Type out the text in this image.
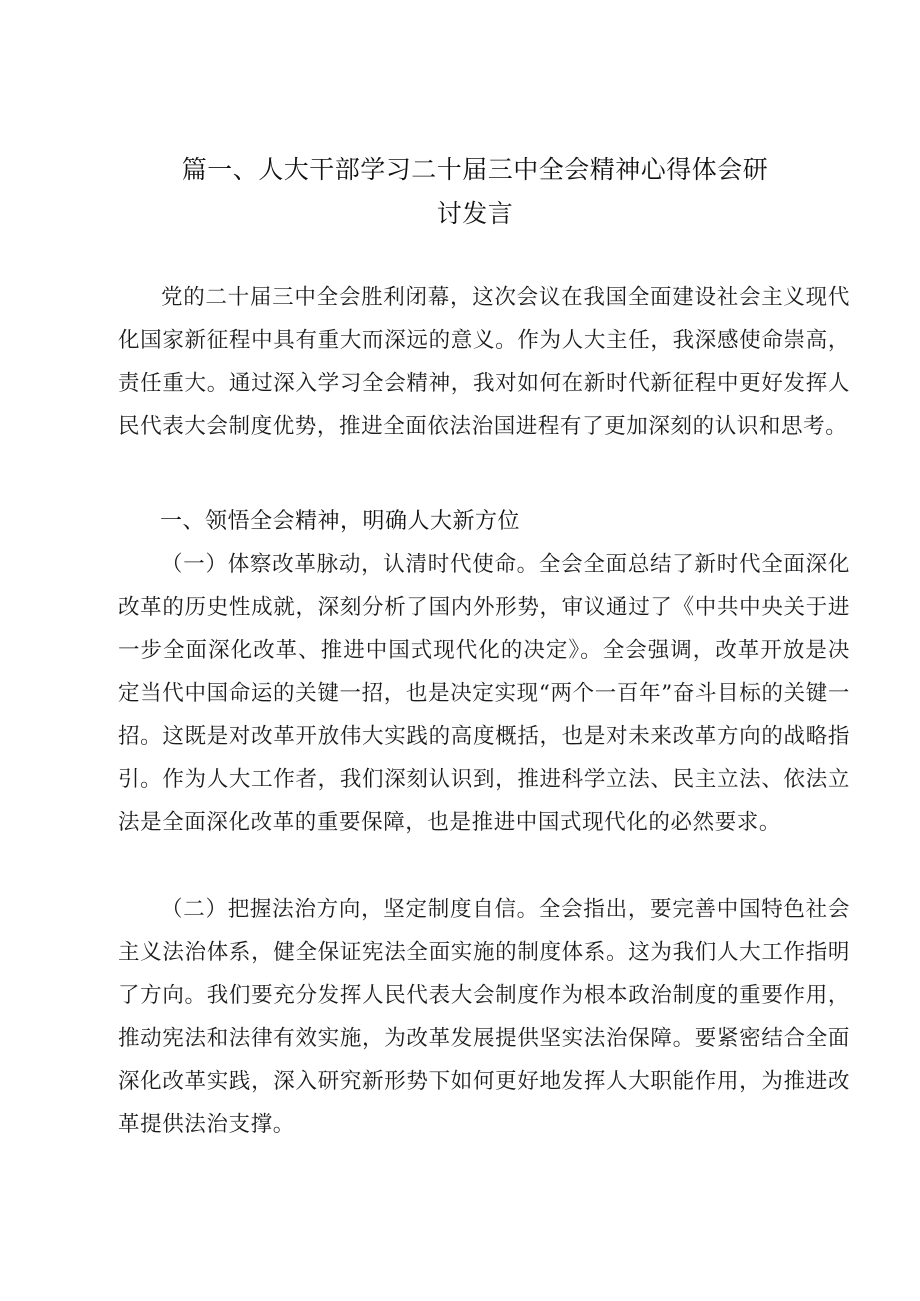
篇一、人大干部学习二十届三中全会精神心得体会研讨发言

党的二十届三中全会胜利闭幕，这次会议在我国全面建设社会主义现代化国家新征程中具有重大而深远的意义。作为人大主任，我深感使命崇高，责任重大。通过深入学习全会精神，我对如何在新时代新征程中更好发挥人民代表大会制度优势，推进全面依法治国进程有了更加深刻的认识和思考。

一、领悟全会精神，明确人大新方位

（一）体察改革脉动，认清时代使命。全会全面总结了新时代全面深化改革的历史性成就，深刻分析了国内外形势，审议通过了《中共中央关于进一步全面深化改革、推进中国式现代化的决定》。全会强调，改革开放是决定当代中国命运的关键一招，也是决定实现“两个一百年”奋斗目标的关键一招。这既是对改革开放伟大实践的高度概括，也是对未来改革方向的战略指引。作为人大工作者，我们深刻认识到，推进科学立法、民主立法、依法立法是全面深化改革的重要保障，也是推进中国式现代化的必然要求。

（二）把握法治方向，坚定制度自信。全会指出，要完善中国特色社会主义法治体系，健全保证宪法全面实施的制度体系。这为我们人大工作指明了方向。我们要充分发挥人民代表大会制度作为根本政治制度的重要作用，推动宪法和法律有效实施，为改革发展提供坚实法治保障。要紧密结合全面深化改革实践，深入研究新形势下如何更好地发挥人大职能作用，为推进改革提供法治支撑。
